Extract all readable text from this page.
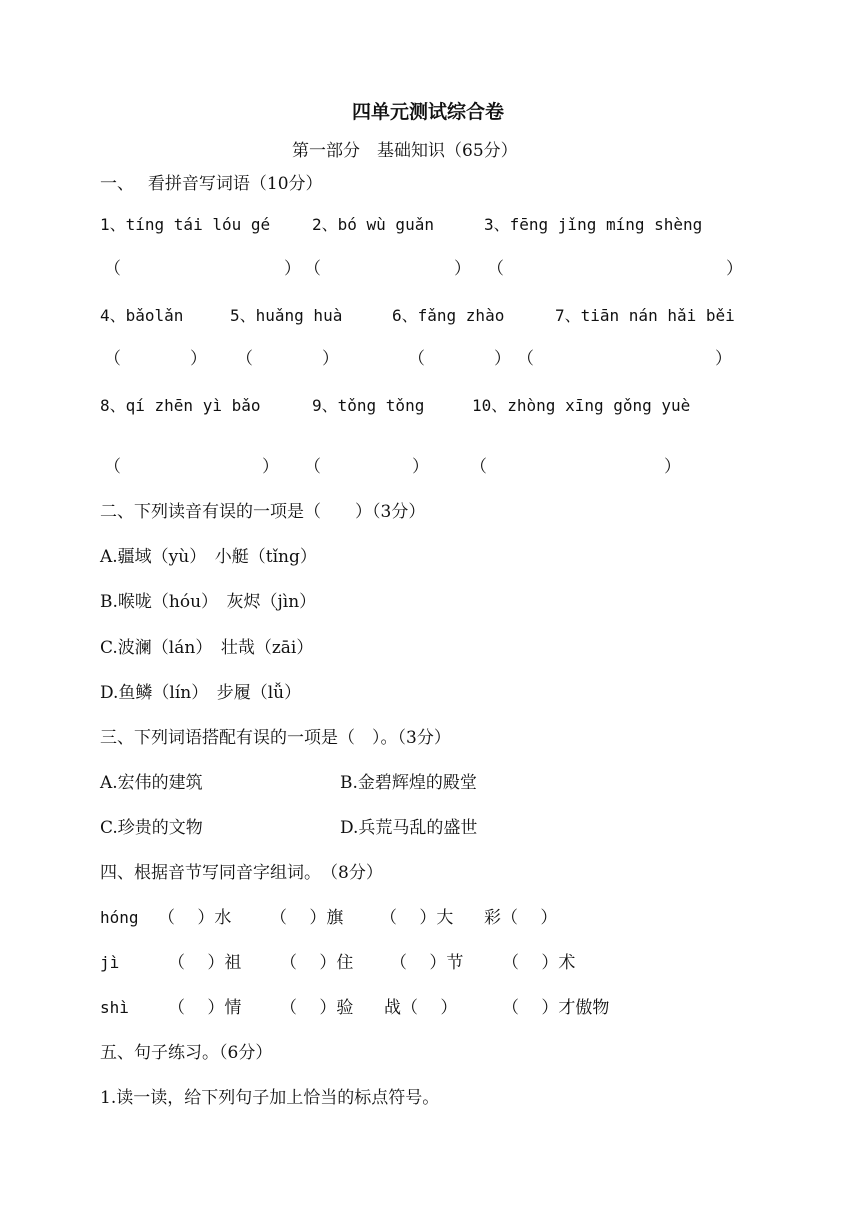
四单元测试综合卷
第一部分　基础知识（65分）
一、　 看拼音写词语（10分）
1、tíng tái lóu gé	2、bó wù guǎn	3、fēng jǐng míng shèng
（	） （	） （	）
4、bǎolǎn	5、huǎng huà	6、fǎng zhào	7、tiān nán hǎi běi
（	） （	）	（	） （	）
8、qí zhēn yì bǎo	9、tǒng tǒng	10、zhòng xīng gǒng yuè
（	） （	） （	）
二、下列读音有误的一项是（　　）（3分）
A.疆域（yù）　小艇（tǐng）
B.喉咙（hóu）　灰烬（jìn）
C.波澜（lán）　壮哉（zāi）
D.鱼鳞（lín）　步履（lǚ）
三、下列词语搭配有误的一项是（　）。（3分）
A.宏伟的建筑	B.金碧辉煌的殿堂
C.珍贵的文物	D.兵荒马乱的盛世
四、根据音节写同音字组词。　（8分）
hóng （　 ）水 （　 ）旗 （　 ）大 彩（　 ）
jì	（　 ）祖 （　 ）住 （　 ）节 （　 ）术
shì （　 ）情 （　 ）验 战（　 ）	（　 ）才傲物
五、句子练习。（6分）
1.读一读，给下列句子加上恰当的标点符号。
